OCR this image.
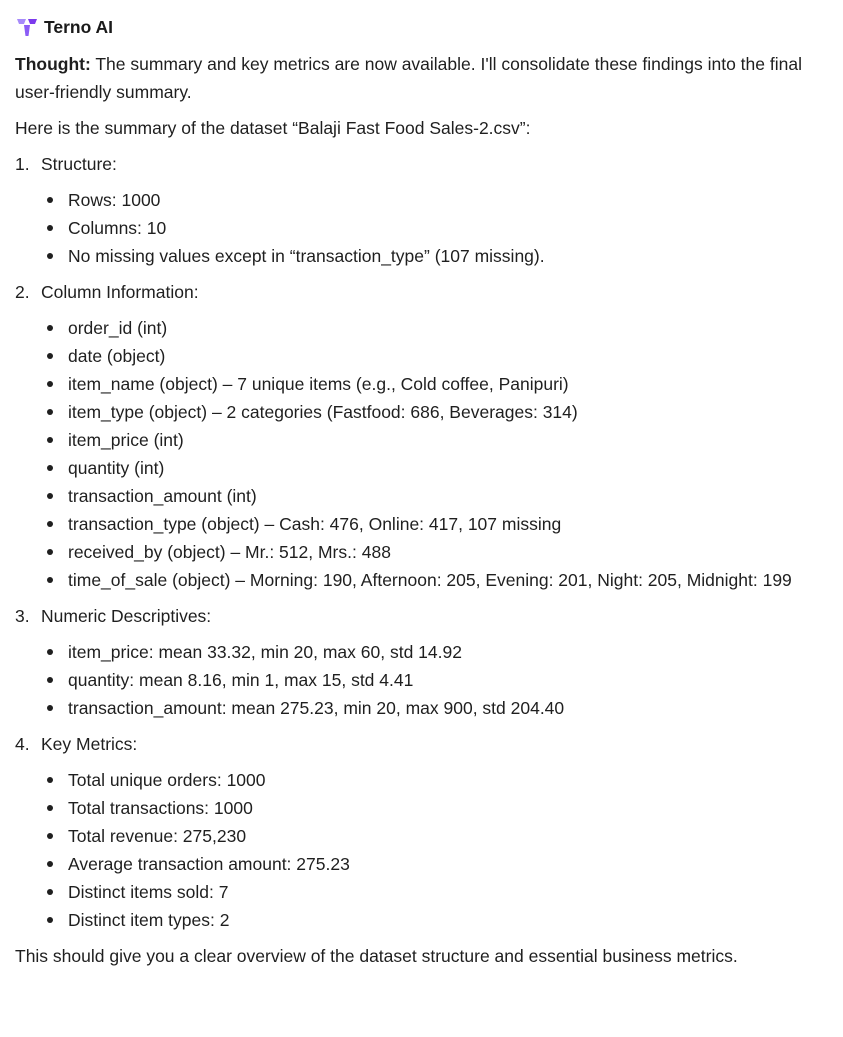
Terno AI
Thought: The summary and key metrics are now available. I'll consolidate these findings into the final user-friendly summary.
Here is the summary of the dataset “Balaji Fast Food Sales-2.csv”:
1. Structure:
Rows: 1000
Columns: 10
No missing values except in “transaction_type” (107 missing).
2. Column Information:
order_id (int)
date (object)
item_name (object) – 7 unique items (e.g., Cold coffee, Panipuri)
item_type (object) – 2 categories (Fastfood: 686, Beverages: 314)
item_price (int)
quantity (int)
transaction_amount (int)
transaction_type (object) – Cash: 476, Online: 417, 107 missing
received_by (object) – Mr.: 512, Mrs.: 488
time_of_sale (object) – Morning: 190, Afternoon: 205, Evening: 201, Night: 205, Midnight: 199
3. Numeric Descriptives:
item_price: mean 33.32, min 20, max 60, std 14.92
quantity: mean 8.16, min 1, max 15, std 4.41
transaction_amount: mean 275.23, min 20, max 900, std 204.40
4. Key Metrics:
Total unique orders: 1000
Total transactions: 1000
Total revenue: 275,230
Average transaction amount: 275.23
Distinct items sold: 7
Distinct item types: 2
This should give you a clear overview of the dataset structure and essential business metrics.
